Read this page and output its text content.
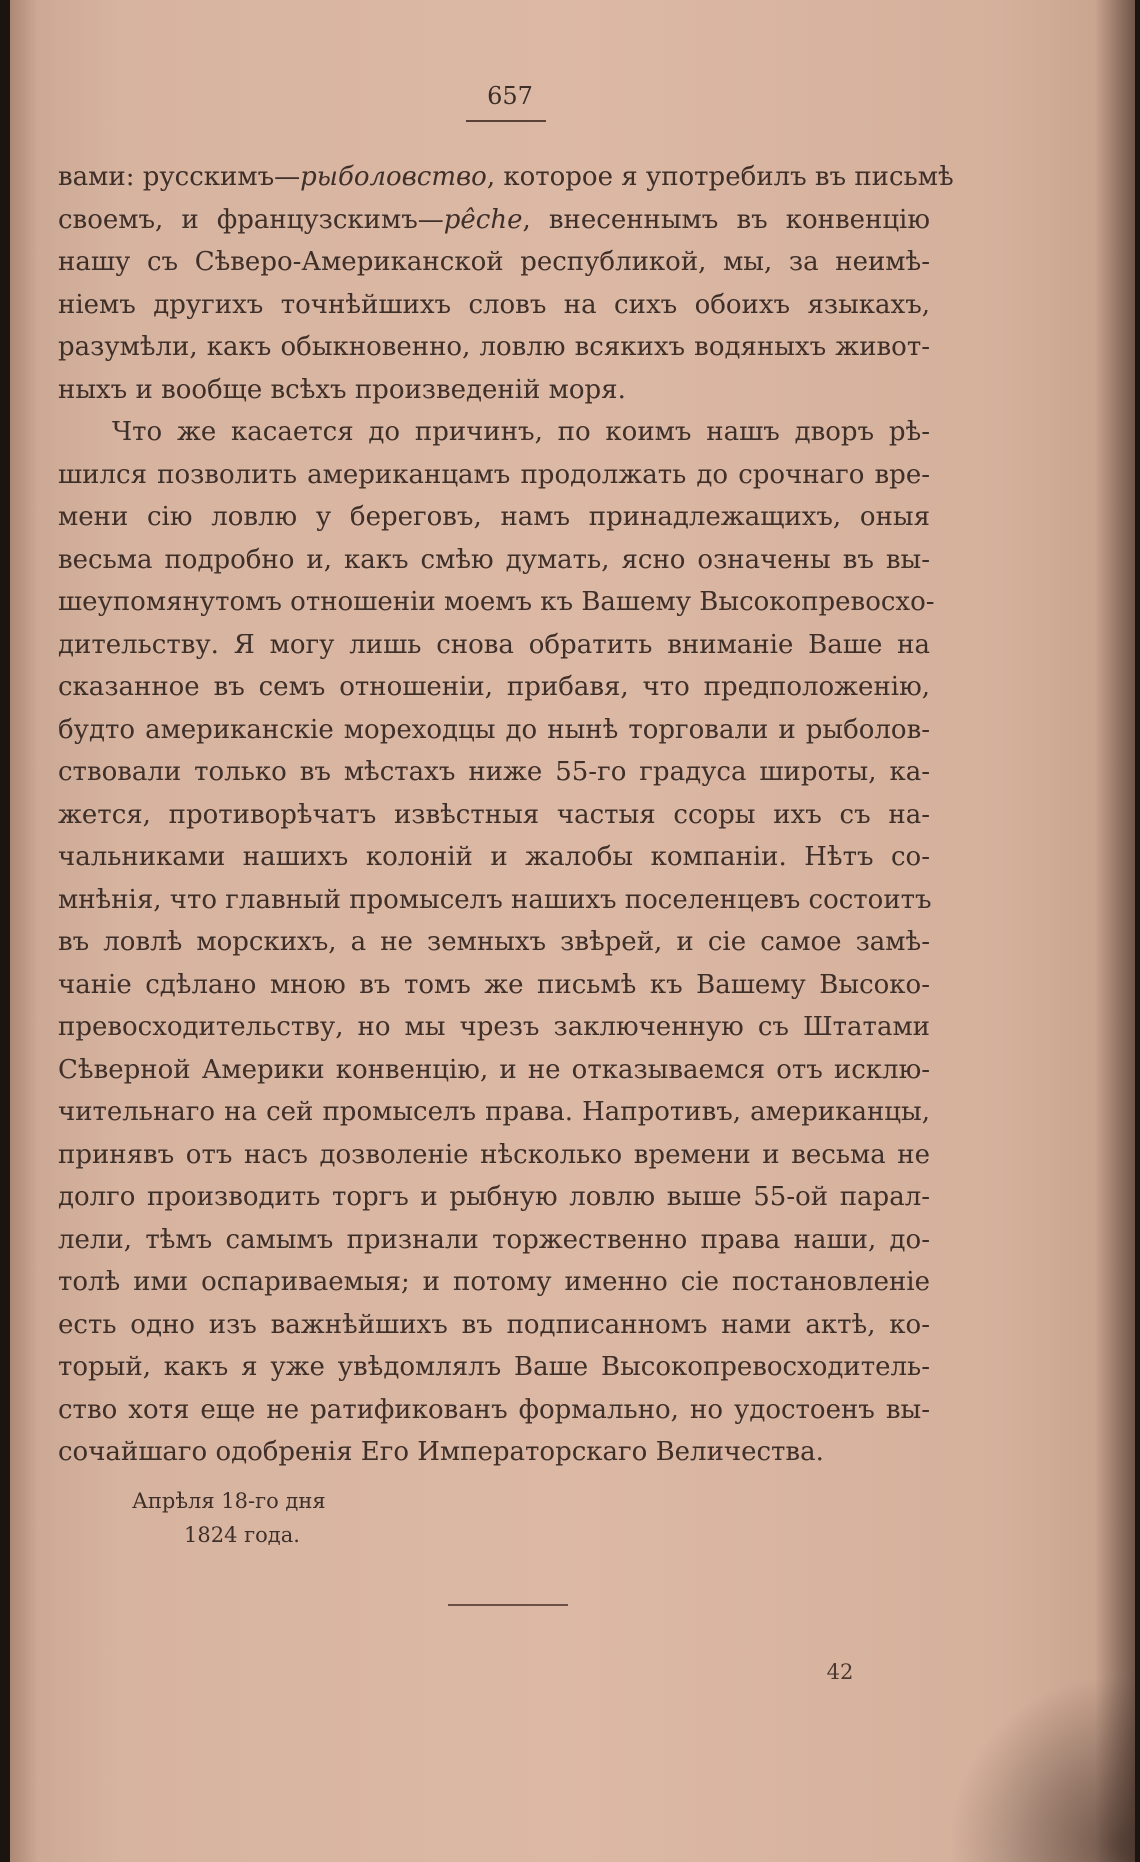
657
вами: русскимъ—рыболовство, которое я употребилъ въ письмѣ
своемъ, и французскимъ—pêche, внесеннымъ въ конвенцію
нашу съ Сѣверо-Американской республикой, мы, за неимѣ-
ніемъ другихъ точнѣйшихъ словъ на сихъ обоихъ языкахъ,
разумѣли, какъ обыкновенно, ловлю всякихъ водяныхъ живот-
ныхъ и вообще всѣхъ произведеній моря.
Что же касается до причинъ, по коимъ нашъ дворъ рѣ-
шился позволить американцамъ продолжать до срочнаго вре-
мени сію ловлю у береговъ, намъ принадлежащихъ, оныя
весьма подробно и, какъ смѣю думать, ясно означены въ вы-
шеупомянутомъ отношеніи моемъ къ Вашему Высокопревосхо-
дительству. Я могу лишь снова обратить вниманіе Ваше на
сказанное въ семъ отношеніи, прибавя, что предположенію,
будто американскіе мореходцы до нынѣ торговали и рыболов-
ствовали только въ мѣстахъ ниже 55-го градуса широты, ка-
жется, противорѣчатъ извѣстныя частыя ссоры ихъ съ на-
чальниками нашихъ колоній и жалобы компаніи. Нѣтъ со-
мнѣнія, что главный промыселъ нашихъ поселенцевъ состоитъ
въ ловлѣ морскихъ, а не земныхъ звѣрей, и сіе самое замѣ-
чаніе сдѣлано мною въ томъ же письмѣ къ Вашему Высоко-
превосходительству, но мы чрезъ заключенную съ Штатами
Сѣверной Америки конвенцію, и не отказываемся отъ исклю-
чительнаго на сей промыселъ права. Напротивъ, американцы,
принявъ отъ насъ дозволеніе нѣсколько времени и весьма не
долго производить торгъ и рыбную ловлю выше 55-ой парал-
лели, тѣмъ самымъ признали торжественно права наши, до-
толѣ ими оспариваемыя; и потому именно сіе постановленіе
есть одно изъ важнѣйшихъ въ подписанномъ нами актѣ, ко-
торый, какъ я уже увѣдомлялъ Ваше Высокопревосходитель-
ство хотя еще не ратификованъ формально, но удостоенъ вы-
сочайшаго одобренія Его Императорскаго Величества.
Апрѣля 18-го дня
1824 года.
42
